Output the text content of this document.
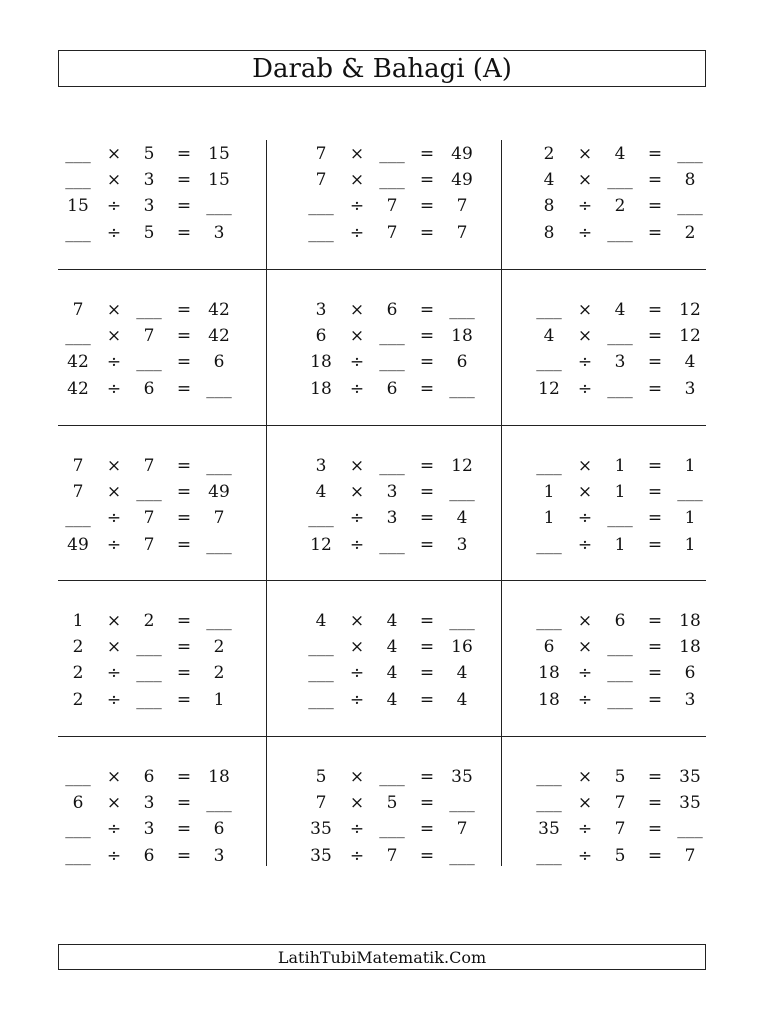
Darab & Bahagi (A)
___ ×	5	=	15
___ ×	3	=	15
15	÷	3	= ___
___ ÷	5	=	3
7	× ___ =	49
7	× ___ =	49
___ ÷	7	=	7
___ ÷	7	=	7
2	×	4	= ___
4	× ___ =	8
8	÷	2	= ___
8	÷ ___ =	2
7	× ___ =	42
___ ×	7	=	42
42	÷ ___ =	6
42	÷	6	= ___
3	×	6	= ___
6	× ___ =	18
18	÷ ___ =	6
18	÷	6	= ___
___ ×	4	=	12
4	× ___ =	12
___ ÷	3	=	4
12	÷ ___ =	3
7	×	7	= ___
7	× ___ =	49
___ ÷	7	=	7
49	÷	7	= ___
3	× ___ =	12
4	×	3	= ___
___ ÷	3	=	4
12	÷ ___ =	3
___ ×	1	=	1
1	×	1	= ___
1	÷ ___ =	1
___ ÷	1	=	1
1	×	2	= ___
2	× ___ =	2
2	÷ ___ =	2
2	÷ ___ =	1
4	×	4	= ___
___ ×	4	=	16
___ ÷	4	=	4
___ ÷	4	=	4
___ ×	6	=	18
6	× ___ =	18
18	÷ ___ =	6
18	÷ ___ =	3
___ ×	6	=	18
6	×	3	= ___
___ ÷	3	=	6
___ ÷	6	=	3
5	× ___ =	35
7	×	5	= ___
35	÷ ___ =	7
35	÷	7	= ___
___ ×	5	=	35
___ ×	7	=	35
35	÷	7	= ___
___ ÷	5	=	7
LatihTubiMatematik.Com
